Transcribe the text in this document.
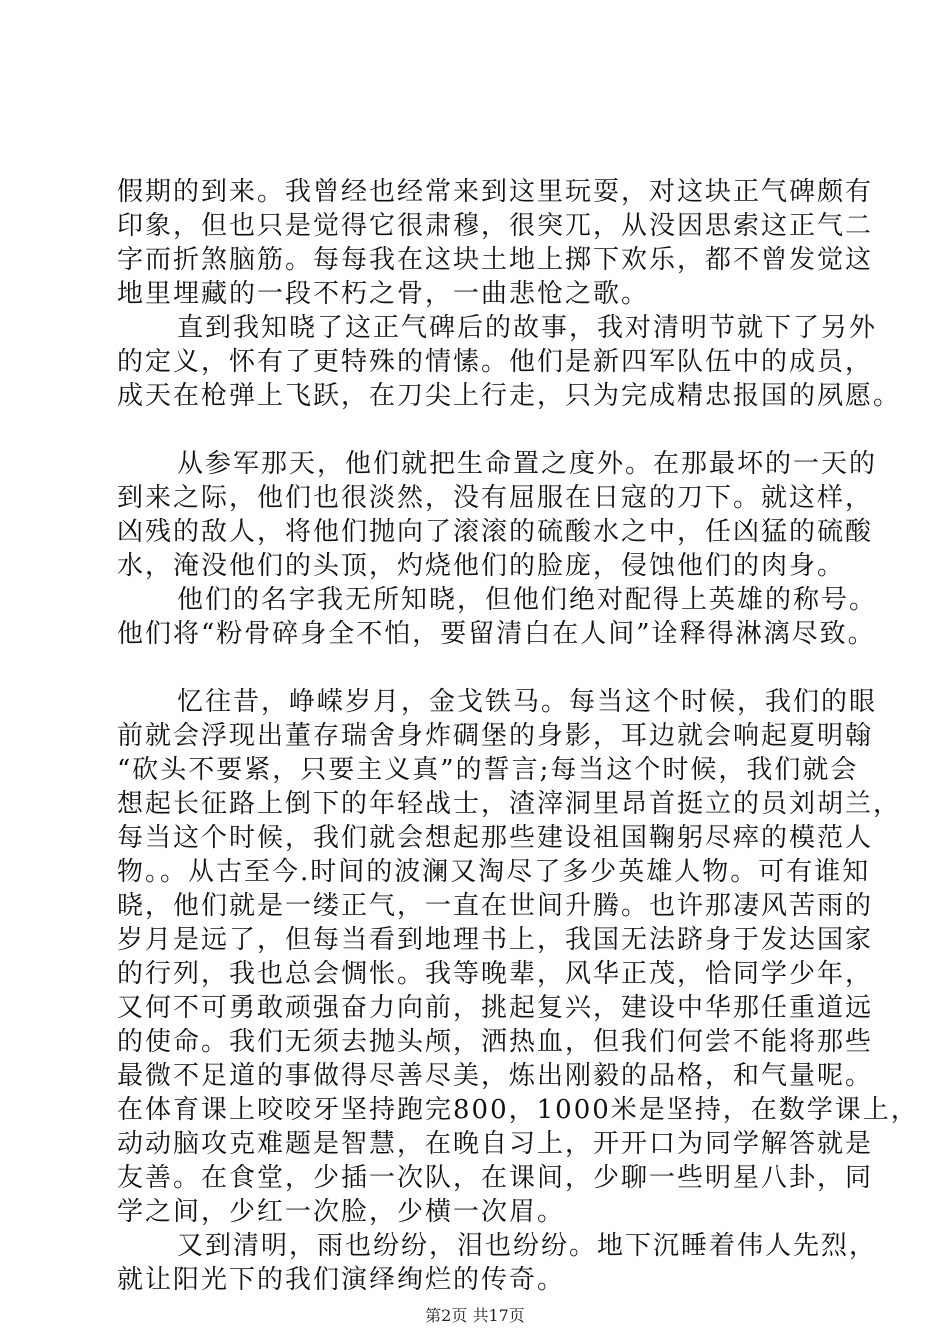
假期的到来。我曾经也经常来到这里玩耍，对这块正气碑颇有
印象，但也只是觉得它很肃穆，很突兀，从没因思索这正气二
字而折煞脑筋。每每我在这块土地上掷下欢乐，都不曾发觉这
地里埋藏的一段不朽之骨，一曲悲怆之歌。
直到我知晓了这正气碑后的故事，我对清明节就下了另外
的定义，怀有了更特殊的情愫。他们是新四军队伍中的成员，
成天在枪弹上飞跃，在刀尖上行走，只为完成精忠报国的夙愿。
从参军那天，他们就把生命置之度外。在那最坏的一天的
到来之际，他们也很淡然，没有屈服在日寇的刀下。就这样，
凶残的敌人，将他们抛向了滚滚的硫酸水之中，任凶猛的硫酸
水，淹没他们的头顶，灼烧他们的脸庞，侵蚀他们的肉身。
他们的名字我无所知晓，但他们绝对配得上英雄的称号。
他们将“粉骨碎身全不怕，要留清白在人间”诠释得淋漓尽致。
忆往昔，峥嵘岁月，金戈铁马。每当这个时候，我们的眼
前就会浮现出董存瑞舍身炸碉堡的身影，耳边就会响起夏明翰
“砍头不要紧，只要主义真”的誓言;每当这个时候，我们就会
想起长征路上倒下的年轻战士，渣滓洞里昂首挺立的员刘胡兰，
每当这个时候，我们就会想起那些建设祖国鞠躬尽瘁的模范人
物。。从古至今.时间的波澜又淘尽了多少英雄人物。可有谁知
晓，他们就是一缕正气，一直在世间升腾。也许那凄风苦雨的
岁月是远了，但每当看到地理书上，我国无法跻身于发达国家
的行列，我也总会惆怅。我等晚辈，风华正茂，恰同学少年，
又何不可勇敢顽强奋力向前，挑起复兴，建设中华那任重道远
的使命。我们无须去抛头颅，洒热血，但我们何尝不能将那些
最微不足道的事做得尽善尽美，炼出刚毅的品格，和气量呢。
在体育课上咬咬牙坚持跑完800，1000米是坚持，在数学课上，
动动脑攻克难题是智慧，在晚自习上，开开口为同学解答就是
友善。在食堂，少插一次队，在课间，少聊一些明星八卦，同
学之间，少红一次脸，少横一次眉。
又到清明，雨也纷纷，泪也纷纷。地下沉睡着伟人先烈，
就让阳光下的我们演绎绚烂的传奇。
第2页 共17页
